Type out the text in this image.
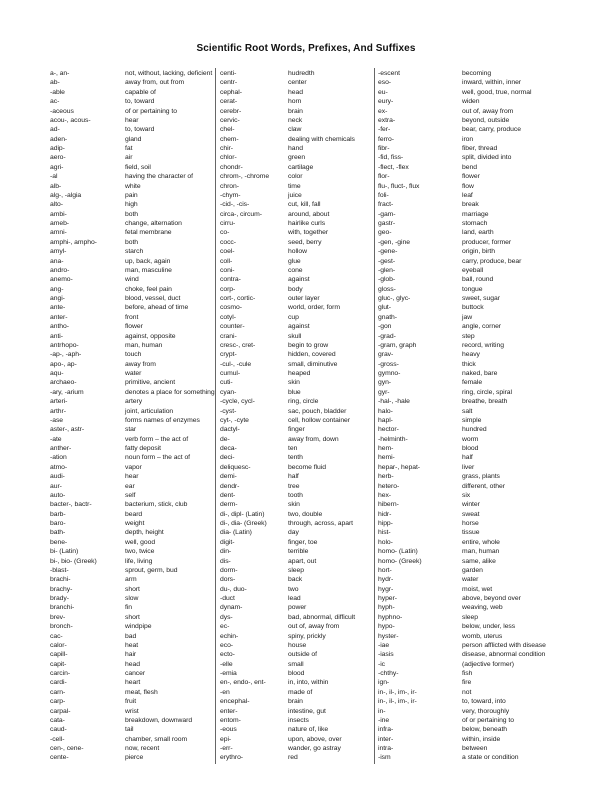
Scientific Root Words, Prefixes, And Suffixes
a-, an-	not, without, lacking, deficient
ab-	away from, out from
-able	capable of
ac-	to, toward
-aceous	of or pertaining to
acou-, acous-	hear
ad-	to, toward
aden-	gland
adip-	fat
aero-	air
agri-	field, soil
-al	having the character of
alb-	white
alg-, -algia	pain
alto-	high
ambi-	both
ameb-	change, alternation
amni-	fetal membrane
amphi-, ampho-	both
amyl-	starch
ana-	up, back, again
andro-	man, masculine
anemo-	wind
ang-	choke, feel pain
angi-	blood, vessel, duct
ante-	before, ahead of time
anter-	front
antho-	flower
anti-	against, opposite
antrhopo-	man, human
-ap-, -aph-	touch
apo-, ap-	away from
aqu-	water
archaeo-	primitive, ancient
-ary, -arium	denotes a place for something
arteri-	artery
arthr-	joint, articulation
-ase	forms names of enzymes
aster-, astr-	star
-ate	verb form – the act of
anther-	fatty deposit
-ation	noun form – the act of
atmo-	vapor
audi-	hear
aur-	ear
auto-	self
bacter-, bactr-	bacterium, stick, club
barb-	beard
baro-	weight
bath-	depth, height
bene-	well, good
bi- (Latin)	two, twice
bi-, bio- (Greek)	life, living
-blast-	sprout, germ, bud
brachi-	arm
brachy-	short
brady-	slow
branchi-	fin
brev-	short
bronch-	windpipe
cac-	bad
calor-	heat
capill-	hair
capit-	head
carcin-	cancer
cardi-	heart
carn-	meat, flesh
carp-	fruit
carpal-	wrist
cata-	breakdown, downward
caud-	tail
-cell-	chamber, small room
cen-, cene-	now, recent
cente-	pierce
centi-	hudredth
centr-	center
cephal-	head
cerat-	horn
cerebr-	brain
cervic-	neck
chel-	claw
chem-	dealing with chemicals
chir-	hand
chlor-	green
chondr-	cartilage
chrom-, -chrome	color
chron-	time
-chym-	juice
-cid-, -cis-	cut, kill, fall
circa-, circum-	around, about
cirru-	hairlike curls
co-	with, together
cocc-	seed, berry
coel-	hollow
coll-	glue
coni-	cone
contra-	against
corp-	body
cort-, cortic-	outer layer
cosmo-	world, order, form
cotyl-	cup
counter-	against
crani-	skull
cresc-, cret-	begin to grow
crypt-	hidden, covered
-cul-, -cule	small, diminutive
cumul-	heaped
cuti-	skin
cyan-	blue
-cycle, cycl-	ring, circle
-cyst-	sac, pouch, bladder
cyt-, -cyte	cell, hollow container
dactyl-	finger
de-	away from, down
deca-	ten
deci-	tenth
deliquesc-	become fluid
demi-	half
dendr-	tree
dent-	tooth
derm-	skin
di-, dipl- (Latin)	two, double
di-, dia- (Greek)	through, across, apart
dia- (Latin)	day
digit-	finger, toe
din-	terrible
dis-	apart, out
dorm-	sleep
dors-	back
du-, duo-	two
-duct	lead
dynam-	power
dys-	bad, abnormal, difficult
ec-	out of, away from
echin-	spiny, prickly
eco-	house
ecto-	outside of
-elle	small
-emia	blood
en-, endo-, ent-	in, into, within
-en	made of
encephal-	brain
enter-	intestine, gut
entom-	insects
-eous	nature of, like
epi-	upon, above, over
-err-	wander, go astray
erythro-	red
-escent	becoming
eso-	inward, within, inner
eu-	well, good, true, normal
eury-	widen
ex-	out of, away from
extra-	beyond, outside
-fer-	bear, carry, produce
ferro-	iron
fibr-	fiber, thread
-fid, fiss-	split, divided into
-flect, -flex	bend
flor-	flower
flu-, fluct-, flux	flow
foli-	leaf
fract-	break
-gam-	marriage
gastr-	stomach
geo-	land, earth
-gen, -gine	producer, former
-gene-	origin, birth
-gest-	carry, produce, bear
-glen-	eyeball
-glob-	ball, round
gloss-	tongue
gluc-, glyc-	sweet, sugar
glut-	buttock
gnath-	jaw
-gon	angle, corner
-grad-	step
-gram, graph	record, writing
grav-	heavy
-gross-	thick
gymno-	naked, bare
gyn-	female
gyr-	ring, circle, spiral
-hal-, -hale	breathe, breath
halo-	salt
hapl-	simple
hector-	hundred
-helminth-	worm
hem-	blood
hemi-	half
hepar-, hepat-	liver
herb-	grass, plants
hetero-	different, other
hex-	six
hibern-	winter
hidr-	sweat
hipp-	horse
hist-	tissue
holo-	entire, whole
homo- (Latin)	man, human
homo- (Greek)	same, alike
hort-	garden
hydr-	water
hygr-	moist, wet
hyper-	above, beyond over
hyph-	weaving, web
hyphno-	sleep
hypo-	below, under, less
hyster-	womb, uterus
-iae	person afflicted with disease
-iasis	disease, abnormal condition
-ic	(adjective former)
-chthy-	fish
ign-	fire
in-, il-, im-, ir-	not
in-, il-, im-, ir-	to, toward, into
in-	very, thoroughly
-ine	of or pertaining to
infra-	below, beneath
inter-	within, inside
intra-	between
-ism	a state or condition
